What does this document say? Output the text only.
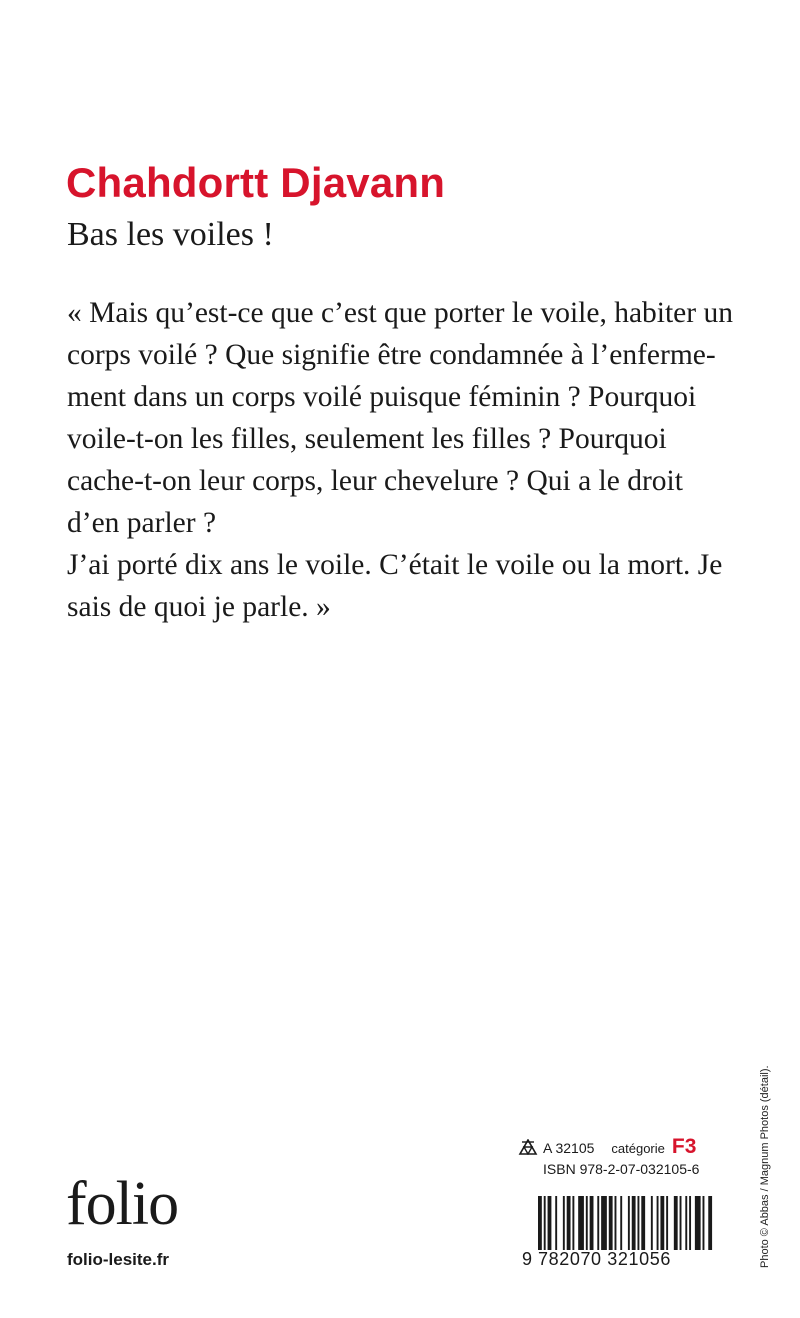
Chahdortt Djavann
Bas les voiles !
« Mais qu’est-ce que c’est que porter le voile, habiter un
corps voilé ? Que signifie être condamnée à l’enferme-
ment dans un corps voilé puisque féminin ? Pourquoi
voile-t-on les filles, seulement les filles ? Pourquoi
cache-t-on leur corps, leur chevelure ? Qui a le droit
d’en parler ?
J’ai porté dix ans le voile. C’était le voile ou la mort. Je
sais de quoi je parle. »
A 32105 catégorie F3
ISBN 978-2-07-032105-6
9 782070 321056
folio
folio-lesite.fr	Photo © Abbas / Magnum Photos (détail).
